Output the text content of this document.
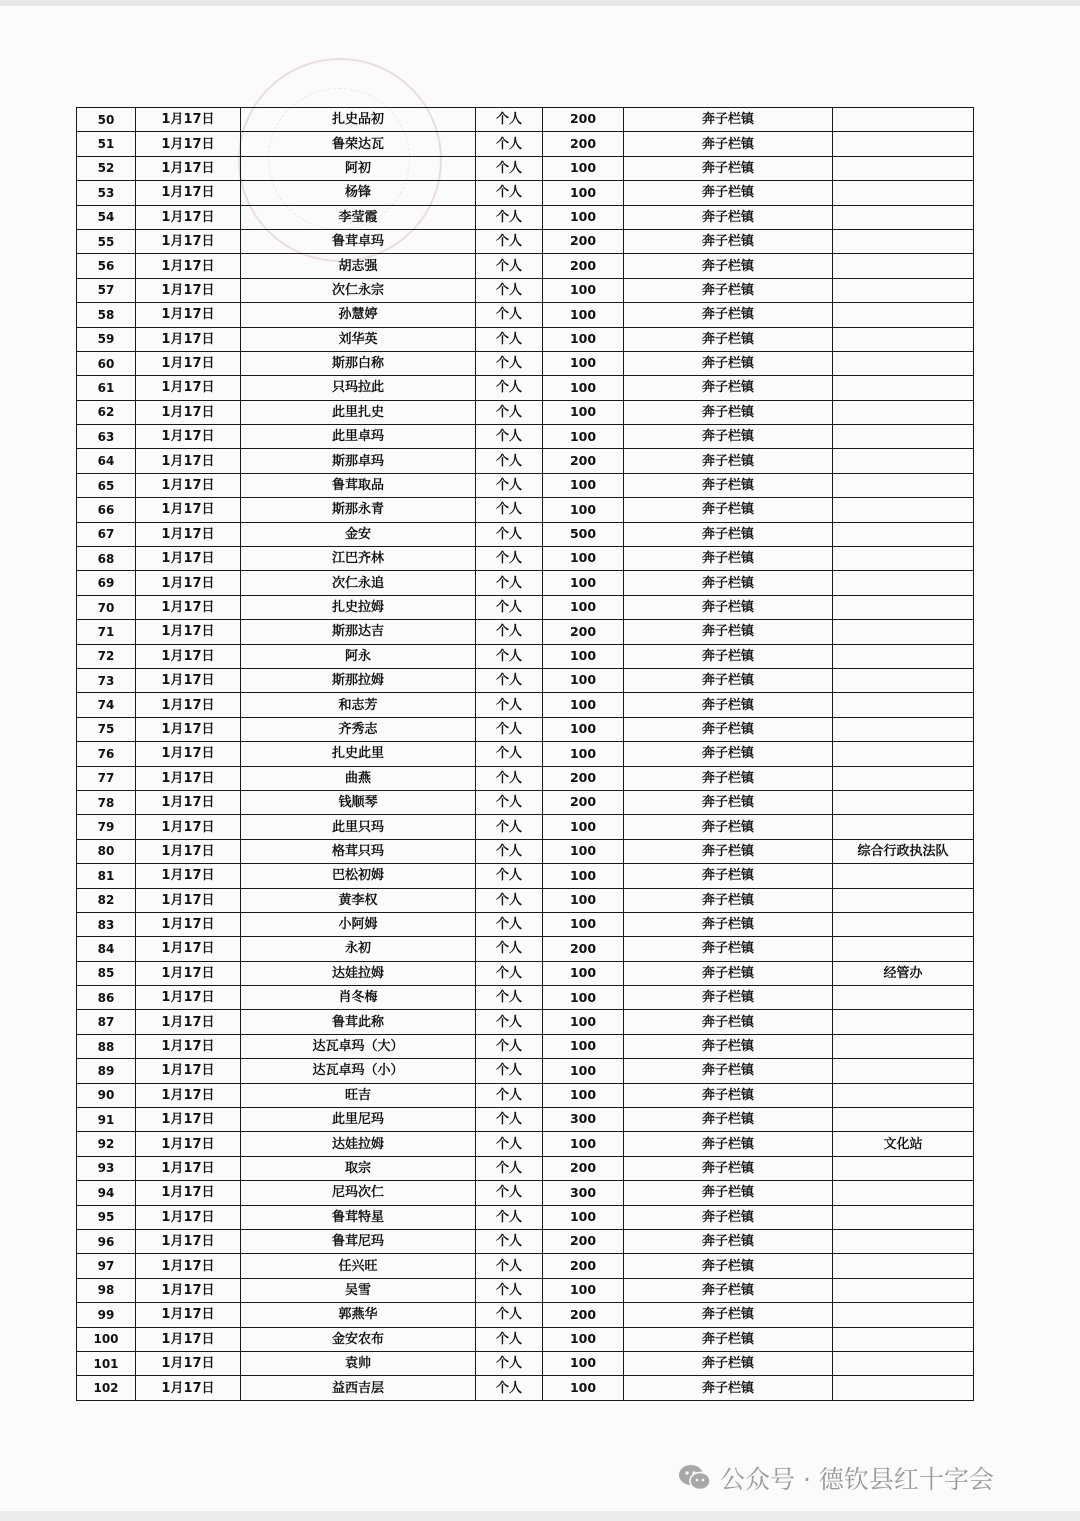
50	1月17日	扎史品初	个人	200	奔子栏镇	
51	1月17日	鲁荣达瓦	个人	200	奔子栏镇	
52	1月17日	阿初	个人	100	奔子栏镇	
53	1月17日	杨锋	个人	100	奔子栏镇	
54	1月17日	李莹霞	个人	100	奔子栏镇	
55	1月17日	鲁茸卓玛	个人	200	奔子栏镇	
56	1月17日	胡志强	个人	200	奔子栏镇	
57	1月17日	次仁永宗	个人	100	奔子栏镇	
58	1月17日	孙慧婷	个人	100	奔子栏镇	
59	1月17日	刘华英	个人	100	奔子栏镇	
60	1月17日	斯那白称	个人	100	奔子栏镇	
61	1月17日	只玛拉此	个人	100	奔子栏镇	
62	1月17日	此里扎史	个人	100	奔子栏镇	
63	1月17日	此里卓玛	个人	100	奔子栏镇	
64	1月17日	斯那卓玛	个人	200	奔子栏镇	
65	1月17日	鲁茸取品	个人	100	奔子栏镇	
66	1月17日	斯那永青	个人	100	奔子栏镇	
67	1月17日	金安	个人	500	奔子栏镇	
68	1月17日	江巴齐林	个人	100	奔子栏镇	
69	1月17日	次仁永追	个人	100	奔子栏镇	
70	1月17日	扎史拉姆	个人	100	奔子栏镇	
71	1月17日	斯那达吉	个人	200	奔子栏镇	
72	1月17日	阿永	个人	100	奔子栏镇	
73	1月17日	斯那拉姆	个人	100	奔子栏镇	
74	1月17日	和志芳	个人	100	奔子栏镇	
75	1月17日	齐秀志	个人	100	奔子栏镇	
76	1月17日	扎史此里	个人	100	奔子栏镇	
77	1月17日	曲燕	个人	200	奔子栏镇	
78	1月17日	钱顺琴	个人	200	奔子栏镇	
79	1月17日	此里只玛	个人	100	奔子栏镇	
80	1月17日	格茸只玛	个人	100	奔子栏镇	综合行政执法队
81	1月17日	巴松初姆	个人	100	奔子栏镇	
82	1月17日	黄李权	个人	100	奔子栏镇	
83	1月17日	小阿姆	个人	100	奔子栏镇	
84	1月17日	永初	个人	200	奔子栏镇	
85	1月17日	达娃拉姆	个人	100	奔子栏镇	经管办
86	1月17日	肖冬梅	个人	100	奔子栏镇	
87	1月17日	鲁茸此称	个人	100	奔子栏镇	
88	1月17日	达瓦卓玛（大）	个人	100	奔子栏镇	
89	1月17日	达瓦卓玛（小）	个人	100	奔子栏镇	
90	1月17日	旺吉	个人	100	奔子栏镇	
91	1月17日	此里尼玛	个人	300	奔子栏镇	
92	1月17日	达娃拉姆	个人	100	奔子栏镇	文化站
93	1月17日	取宗	个人	200	奔子栏镇	
94	1月17日	尼玛次仁	个人	300	奔子栏镇	
95	1月17日	鲁茸特星	个人	100	奔子栏镇	
96	1月17日	鲁茸尼玛	个人	200	奔子栏镇	
97	1月17日	任兴旺	个人	200	奔子栏镇	
98	1月17日	吴雪	个人	100	奔子栏镇	
99	1月17日	郭燕华	个人	200	奔子栏镇	
100	1月17日	金安农布	个人	100	奔子栏镇	
101	1月17日	袁帅	个人	100	奔子栏镇	
102	1月17日	益西吉层	个人	100	奔子栏镇	
公众号 · 德钦县红十字会
